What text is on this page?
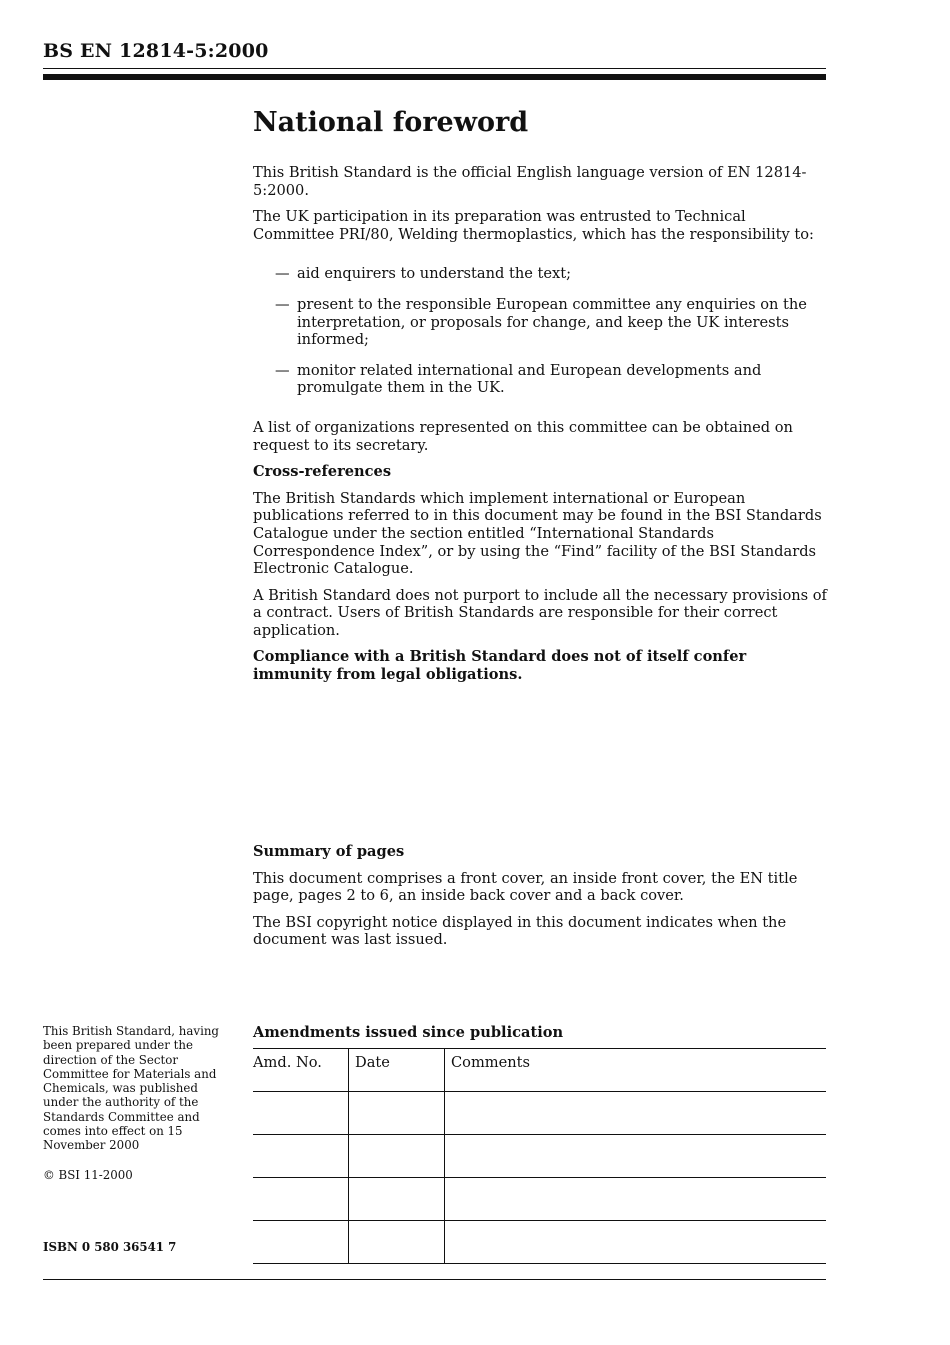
BS EN 12814-5:2000
National foreword

This British Standard is the official English language version of EN 12814-5:2000.

The UK participation in its preparation was entrusted to Technical Committee PRI/80, Welding thermoplastics, which has the responsibility to:

— aid enquirers to understand the text;
— present to the responsible European committee any enquiries on the interpretation, or proposals for change, and keep the UK interests informed;
— monitor related international and European developments and promulgate them in the UK.

A list of organizations represented on this committee can be obtained on request to its secretary.

Cross-references

The British Standards which implement international or European publications referred to in this document may be found in the BSI Standards Catalogue under the section entitled “International Standards Correspondence Index”, or by using the “Find” facility of the BSI Standards Electronic Catalogue.

A British Standard does not purport to include all the necessary provisions of a contract. Users of British Standards are responsible for their correct application.

Compliance with a British Standard does not of itself confer immunity from legal obligations.

Summary of pages

This document comprises a front cover, an inside front cover, the EN title page, pages 2 to 6, an inside back cover and a back cover.

The BSI copyright notice displayed in this document indicates when the document was last issued.

This British Standard, having been prepared under the direction of the Sector Committee for Materials and Chemicals, was published under the authority of the Standards Committee and comes into effect on 15 November 2000
© BSI 11-2000
ISBN 0 580 36541 7
Amendments issued since publication
Amd. No.	Date	Comments
